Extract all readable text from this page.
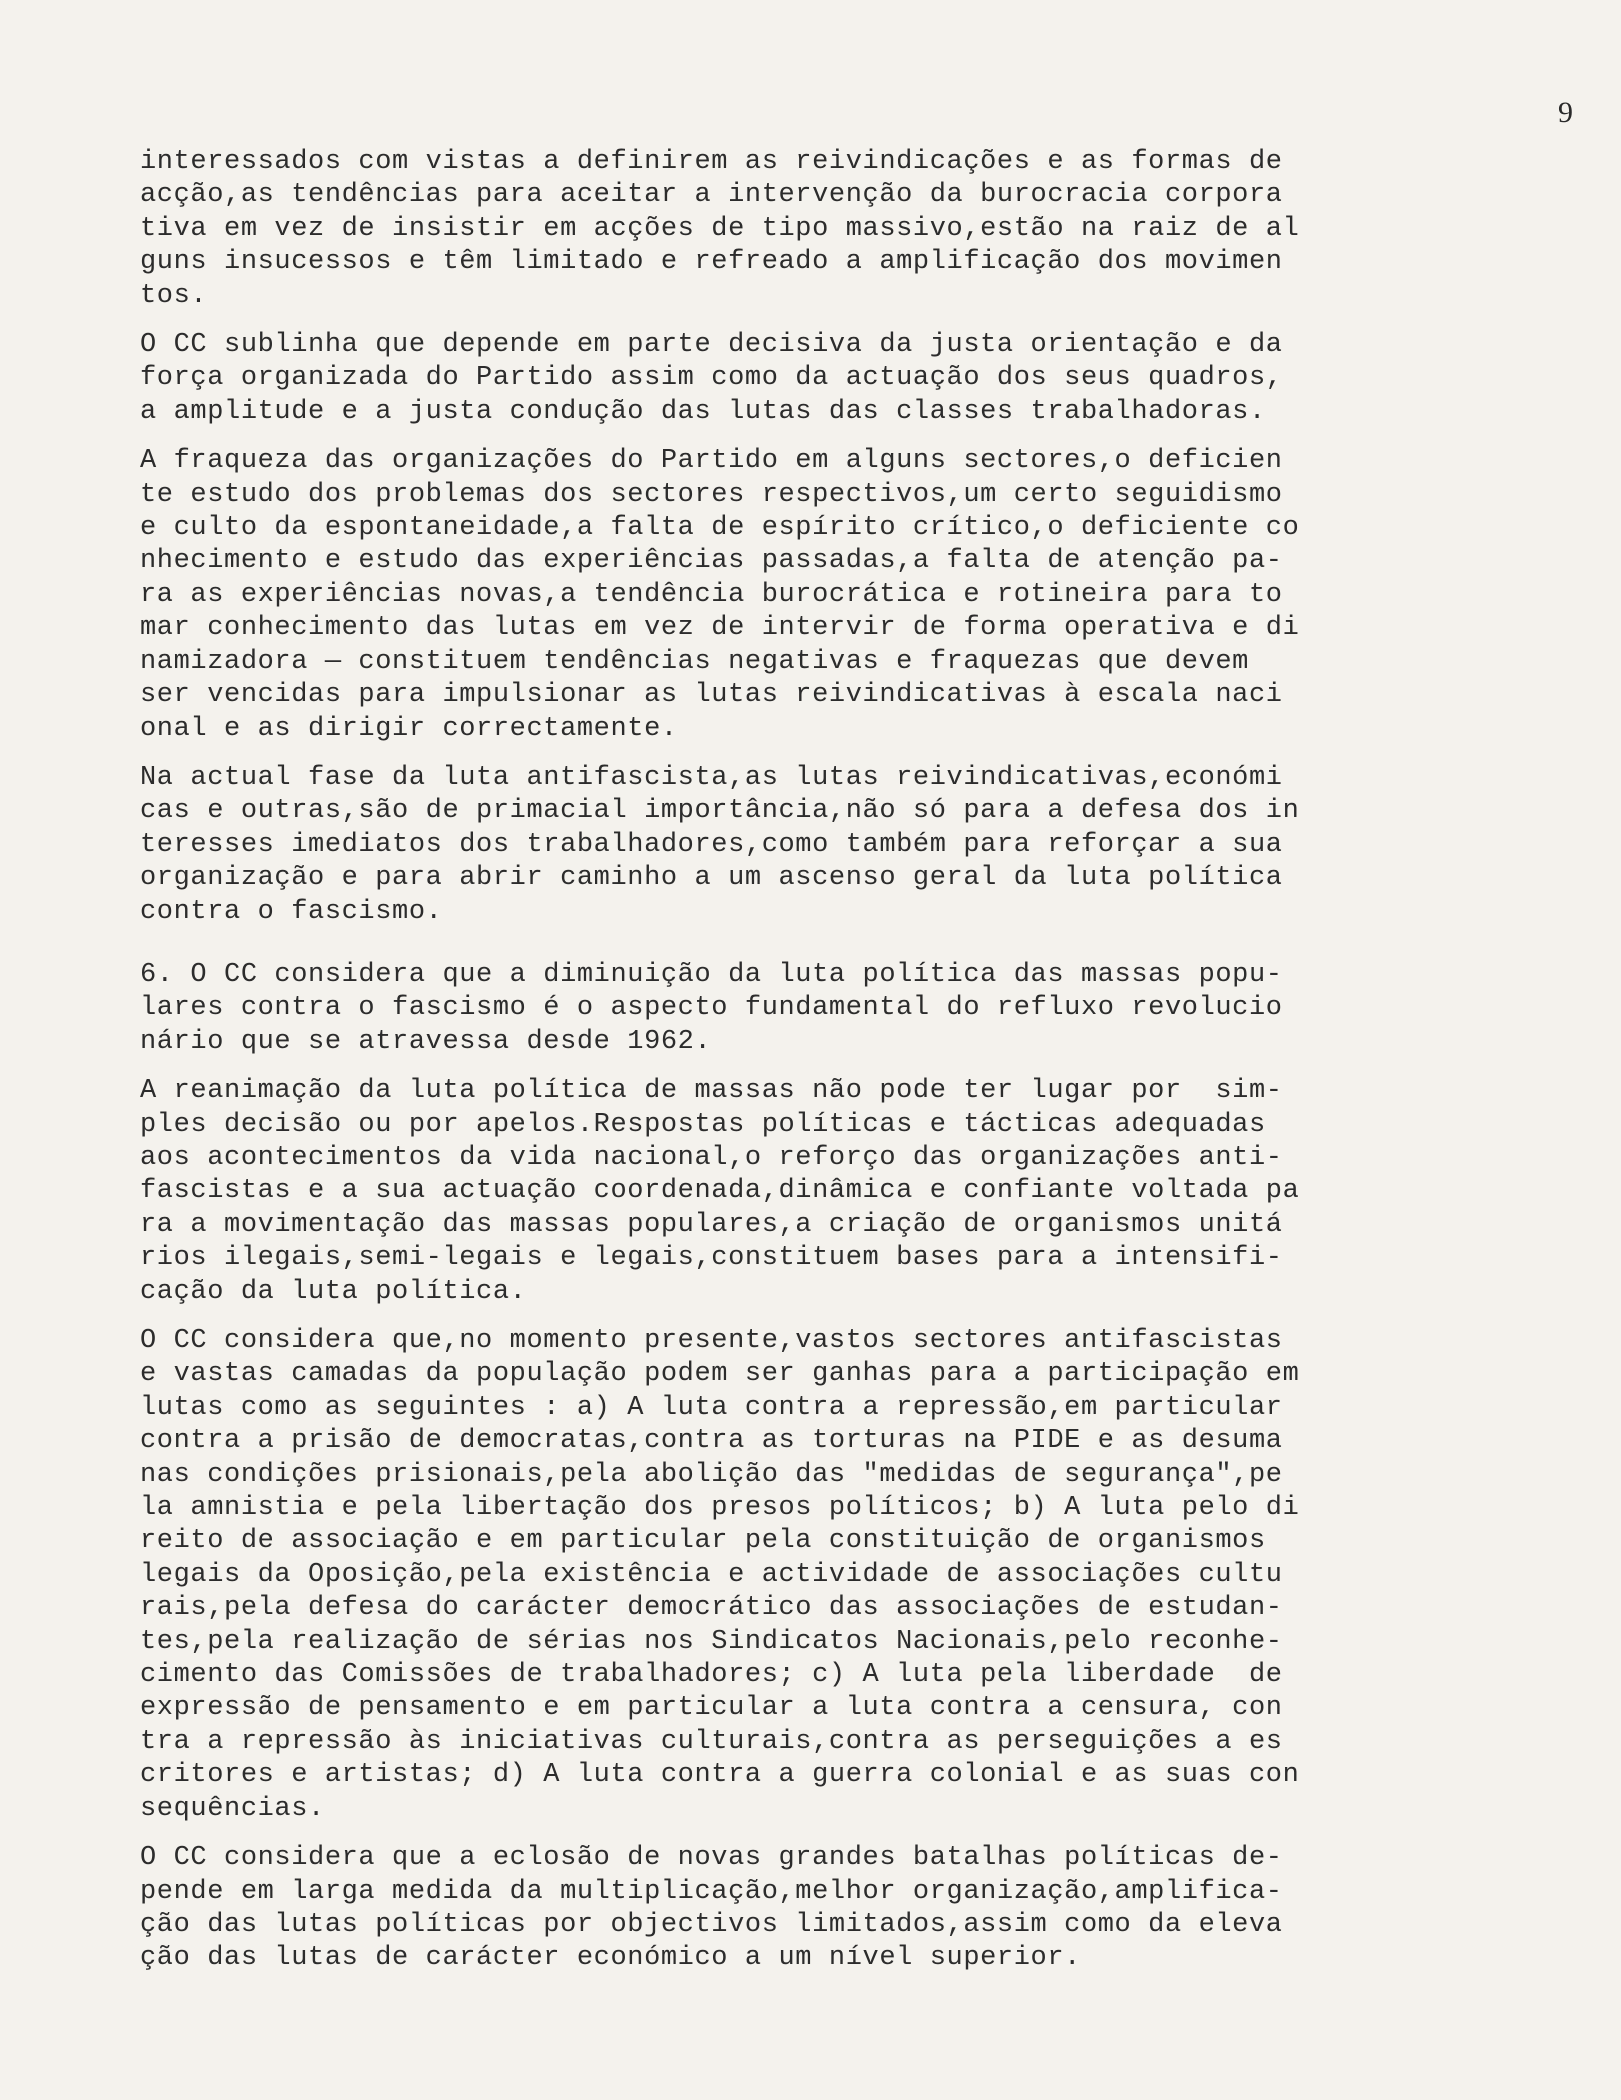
9
interessados com vistas a definirem as reivindicações e as formas de
acção,as tendências para aceitar a intervenção da burocracia corpora
tiva em vez de insistir em acções de tipo massivo,estão na raiz de al
guns insucessos e têm limitado e refreado a amplificação dos movimen
tos.
O CC sublinha que depende em parte decisiva da justa orientação e da
força organizada do Partido assim como da actuação dos seus quadros,
a amplitude e a justa condução das lutas das classes trabalhadoras.
A fraqueza das organizações do Partido em alguns sectores,o deficien
te estudo dos problemas dos sectores respectivos,um certo seguidismo
e culto da espontaneidade,a falta de espírito crítico,o deficiente co
nhecimento e estudo das experiências passadas,a falta de atenção pa-
ra as experiências novas,a tendência burocrática e rotineira para to
mar conhecimento das lutas em vez de intervir de forma operativa e di
namizadora — constituem tendências negativas e fraquezas que devem
ser vencidas para impulsionar as lutas reivindicativas à escala naci
onal e as dirigir correctamente.
Na actual fase da luta antifascista,as lutas reivindicativas,económi
cas e outras,são de primacial importância,não só para a defesa dos in
teresses imediatos dos trabalhadores,como também para reforçar a sua
organização e para abrir caminho a um ascenso geral da luta política
contra o fascismo.
6. O CC considera que a diminuição da luta política das massas popu-
lares contra o fascismo é o aspecto fundamental do refluxo revolucio
nário que se atravessa desde 1962.
A reanimação da luta política de massas não pode ter lugar por  sim-
ples decisão ou por apelos.Respostas políticas e tácticas adequadas
aos acontecimentos da vida nacional,o reforço das organizações anti-
fascistas e a sua actuação coordenada,dinâmica e confiante voltada pa
ra a movimentação das massas populares,a criação de organismos unitá
rios ilegais,semi-legais e legais,constituem bases para a intensifi-
cação da luta política.
O CC considera que,no momento presente,vastos sectores antifascistas
e vastas camadas da população podem ser ganhas para a participação em
lutas como as seguintes : a) A luta contra a repressão,em particular
contra a prisão de democratas,contra as torturas na PIDE e as desuma
nas condições prisionais,pela abolição das "medidas de segurança",pe
la amnistia e pela libertação dos presos políticos; b) A luta pelo di
reito de associação e em particular pela constituição de organismos
legais da Oposição,pela existência e actividade de associações cultu
rais,pela defesa do carácter democrático das associações de estudan-
tes,pela realização de sérias nos Sindicatos Nacionais,pelo reconhe-
cimento das Comissões de trabalhadores; c) A luta pela liberdade  de
expressão de pensamento e em particular a luta contra a censura, con
tra a repressão às iniciativas culturais,contra as perseguições a es
critores e artistas; d) A luta contra a guerra colonial e as suas con
sequências.
O CC considera que a eclosão de novas grandes batalhas políticas de-
pende em larga medida da multiplicação,melhor organização,amplifica-
ção das lutas políticas por objectivos limitados,assim como da eleva
ção das lutas de carácter económico a um nível superior.
